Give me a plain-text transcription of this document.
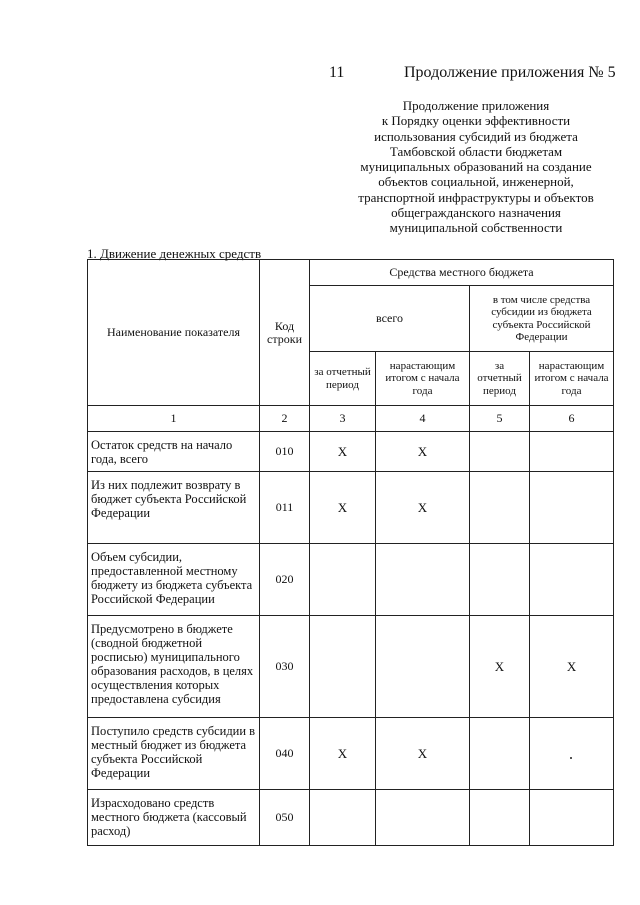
11	Продолжение приложения № 5
Продолжение приложения
к Порядку оценки эффективности
использования субсидий из бюджета
Тамбовской области бюджетам
муниципальных образований на создание
объектов социальной, инженерной,
транспортной инфраструктуры и объектов
общегражданского назначения
муниципальной собственности
1. Движение денежных средств
Наименование показателя	Код строки	Средства местного бюджета			
		всего		в том числе средства субсидии из бюджета субъекта Российской Федерации	
		за отчетный период	нарастающим итогом с начала года	за отчетный период	нарастающим итогом с начала года
1	2	3	4	5	6
Остаток средств на начало года, всего	010	Х	Х		
Из них подлежит возврату в бюджет субъекта Российской Федерации	011	Х	Х		
Объем субсидии, предоставленной местному бюджету из бюджета субъекта Российской Федерации	020				
Предусмотрено в бюджете (сводной бюджетной росписью) муниципального образования расходов, в целях осуществления которых предоставлена субсидия	030			Х	Х
Поступило средств субсидии в местный бюджет из бюджета субъекта Российской Федерации	040	Х	Х		
Израсходовано средств местного бюджета (кассовый расход)	050				
